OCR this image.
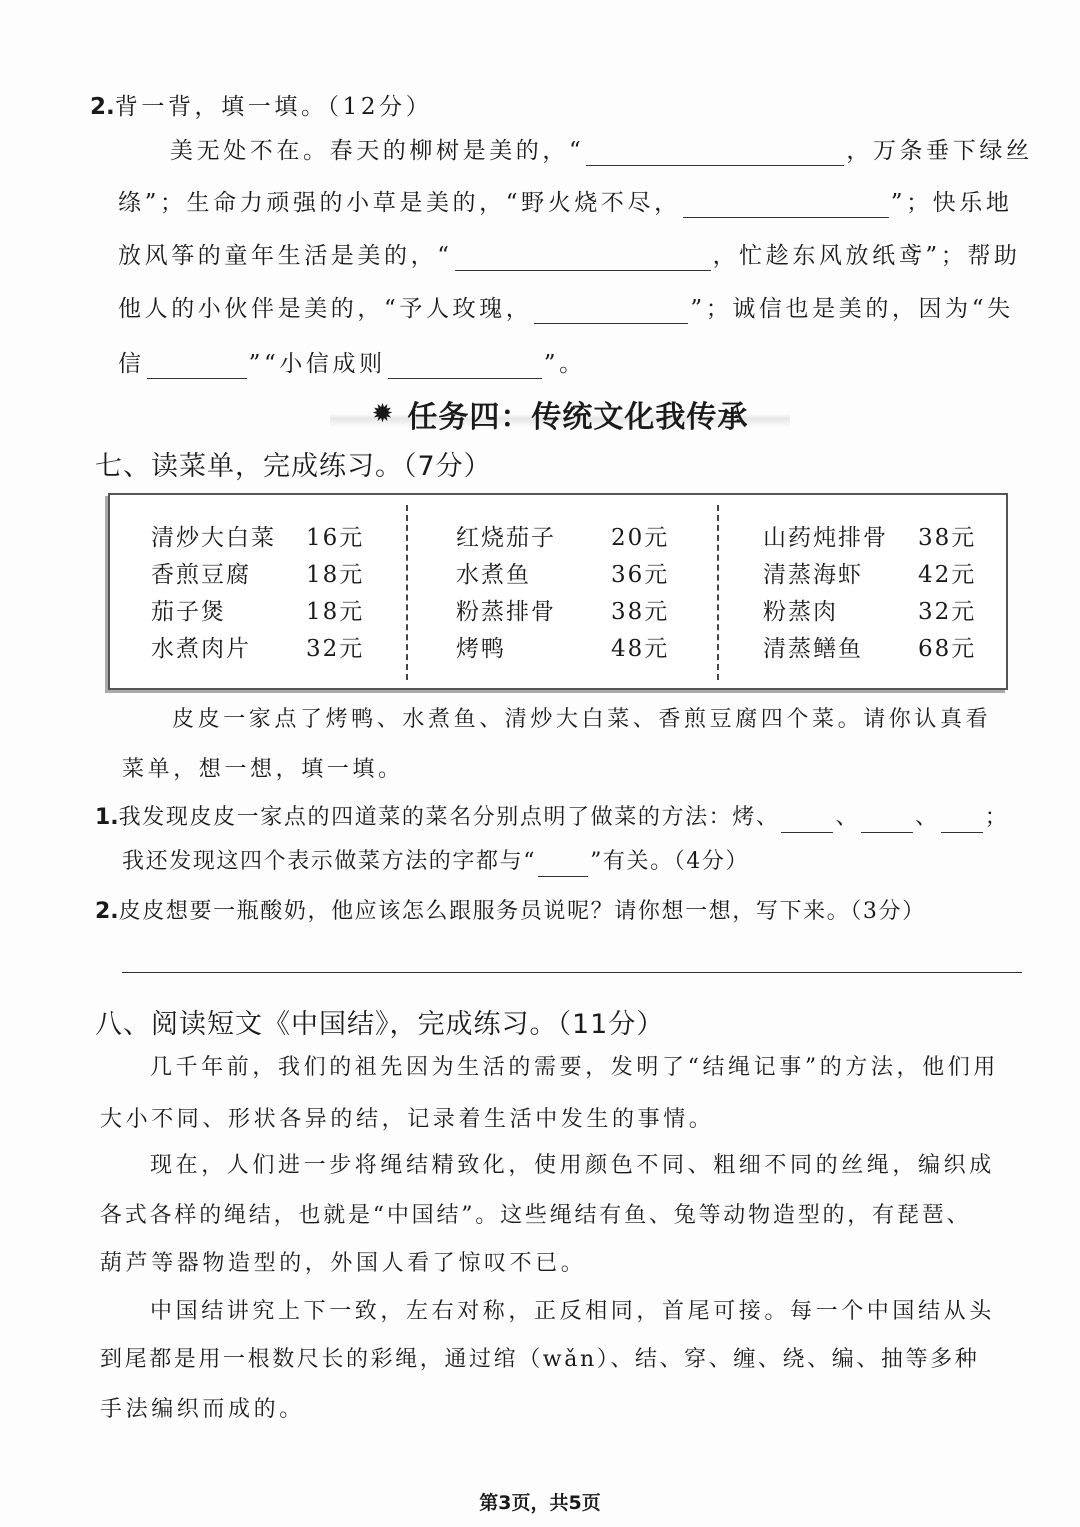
2. 背一背，填一填。（12分）
美无处不在。春天的柳树是美的，“	，万条垂下绿丝
绦”；生命力顽强的小草是美的，“野火烧不尽，	”；快乐地
放风筝的童年生活是美的，“	，忙趁东风放纸鸢”；帮助
他人的小伙伴是美的，“予人玫瑰，	”；诚信也是美的，因为“失
信	”“小信成则	”。
✹ 任务四：传统文化我传承
七、读菜单，完成练习。（7分）
清炒大白菜	16元
香煎豆腐	18元
茄子煲	18元
水煮肉片	32元
红烧茄子	20元
水煮鱼	36元
粉蒸排骨	38元
烤鸭	48元
山药炖排骨	38元
清蒸海虾	42元
粉蒸肉	32元
清蒸鳝鱼	68元
皮皮一家点了烤鸭、水煮鱼、清炒大白菜、香煎豆腐四个菜。请你认真看
菜单，想一想，填一填。
1. 我发现皮皮一家点的四道菜的菜名分别点明了做菜的方法：烤、	、	、 ；
我还发现这四个表示做菜方法的字都与“ ”有关。（4分）
2. 皮皮想要一瓶酸奶，他应该怎么跟服务员说呢？请你想一想，写下来。（3分）
八、阅读短文《中国结》，完成练习。（11分）
几千年前，我们的祖先因为生活的需要，发明了“结绳记事”的方法，他们用
大小不同、形状各异的结，记录着生活中发生的事情。
现在，人们进一步将绳结精致化，使用颜色不同、粗细不同的丝绳，编织成
各式各样的绳结，也就是“中国结”。这些绳结有鱼、兔等动物造型的，有琵琶、
葫芦等器物造型的，外国人看了惊叹不已。
中国结讲究上下一致，左右对称，正反相同，首尾可接。每一个中国结从头
到尾都是用一根数尺长的彩绳，通过绾（wǎn）、结、穿、缠、绕、编、抽等多种
手法编织而成的。
第3页，共5页
